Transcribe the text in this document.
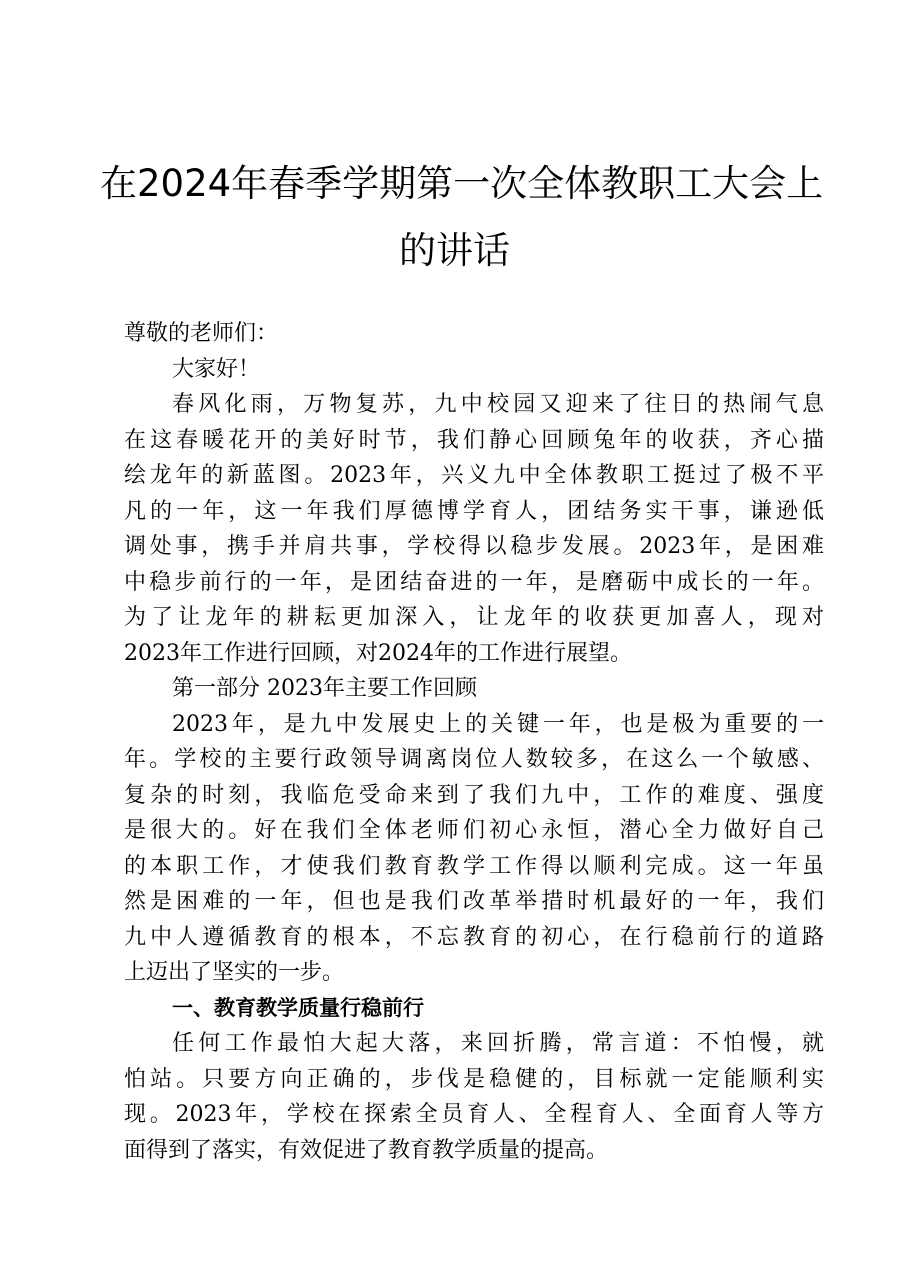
在2024年春季学期第一次全体教职工大会上
的讲话
尊敬的老师们：
大家好！
春风化雨，万物复苏，九中校园又迎来了往日的热闹气息
在这春暖花开的美好时节，我们静心回顾兔年的收获，齐心描
绘龙年的新蓝图。2023年，兴义九中全体教职工挺过了极不平
凡的一年，这一年我们厚德博学育人，团结务实干事，谦逊低
调处事，携手并肩共事，学校得以稳步发展。2023年，是困难
中稳步前行的一年，是团结奋进的一年，是磨砺中成长的一年。
为了让龙年的耕耘更加深入，让龙年的收获更加喜人，现对
2023年工作进行回顾，对2024年的工作进行展望。
第一部分 2023年主要工作回顾
2023年，是九中发展史上的关键一年，也是极为重要的一
年。学校的主要行政领导调离岗位人数较多，在这么一个敏感、
复杂的时刻，我临危受命来到了我们九中，工作的难度、强度
是很大的。好在我们全体老师们初心永恒，潜心全力做好自己
的本职工作，才使我们教育教学工作得以顺利完成。这一年虽
然是困难的一年，但也是我们改革举措时机最好的一年，我们
九中人遵循教育的根本，不忘教育的初心，在行稳前行的道路
上迈出了坚实的一步。
一、教育教学质量行稳前行
任何工作最怕大起大落，来回折腾，常言道：不怕慢，就
怕站。只要方向正确的，步伐是稳健的，目标就一定能顺利实
现。2023年，学校在探索全员育人、全程育人、全面育人等方
面得到了落实，有效促进了教育教学质量的提高。
